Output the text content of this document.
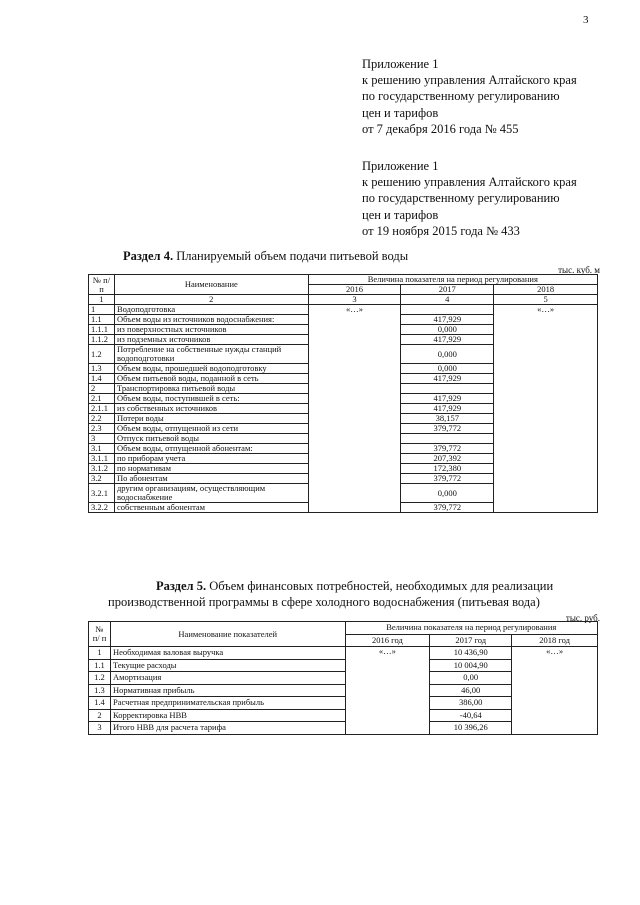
3
Приложение 1
к решению управления Алтайского края
по государственному регулированию
цен и тарифов
от 7 декабря 2016 года № 455
Приложение 1
к решению управления Алтайского края
по государственному регулированию
цен и тарифов
от 19 ноября 2015 года № 433
Раздел 4. Планируемый объем подачи питьевой воды
тыс. куб. м
№ п/п	Наименование	Величина показателя на период регулирования		
		2016	2017	2018
1	2	3	4	5
1	Водоподготовка	«…»		«…»
1.1	Объем воды из источников водоснабжения:		417,929	
1.1.1	из поверхностных источников		0,000	
1.1.2	из подземных источников		417,929	
1.2	Потребление на собственные нужды станций водоподготовки		0,000	
1.3	Объем воды, прошедшей водоподготовку		0,000	
1.4	Объем питьевой воды, поданной в сеть		417,929	
2	Транспортировка питьевой воды			
2.1	Объем воды, поступившей в сеть:		417,929	
2.1.1	из собственных источников		417,929	
2.2	Потери воды		38,157	
2.3	Объем воды, отпущенной из сети		379,772	
3	Отпуск питьевой воды			
3.1	Объем воды, отпущенной абонентам:		379,772	
3.1.1	по приборам учета		207,392	
3.1.2	по нормативам		172,380	
3.2	По абонентам		379,772	
3.2.1	другим организациям, осуществляющим водоснабжение		0,000	
3.2.2	собственным абонентам		379,772	
Раздел 5. Объем финансовых потребностей, необходимых для реализации производственной программы в сфере холодного водоснабжения (питьевая вода)
тыс. руб.
№ п/ п	Наименование показателей	Величина показателя на период регулирования		
		2016 год	2017 год	2018 год
1	Необходимая валовая выручка	«…»	10 436,90	«…»
1.1	Текущие расходы		10 004,90	
1.2	Амортизация		0,00	
1.3	Нормативная прибыль		46,00	
1.4	Расчетная предпринимательская прибыль		386,00	
2	Корректировка НВВ		-40,64	
3	Итого НВВ для расчета тарифа		10 396,26	
